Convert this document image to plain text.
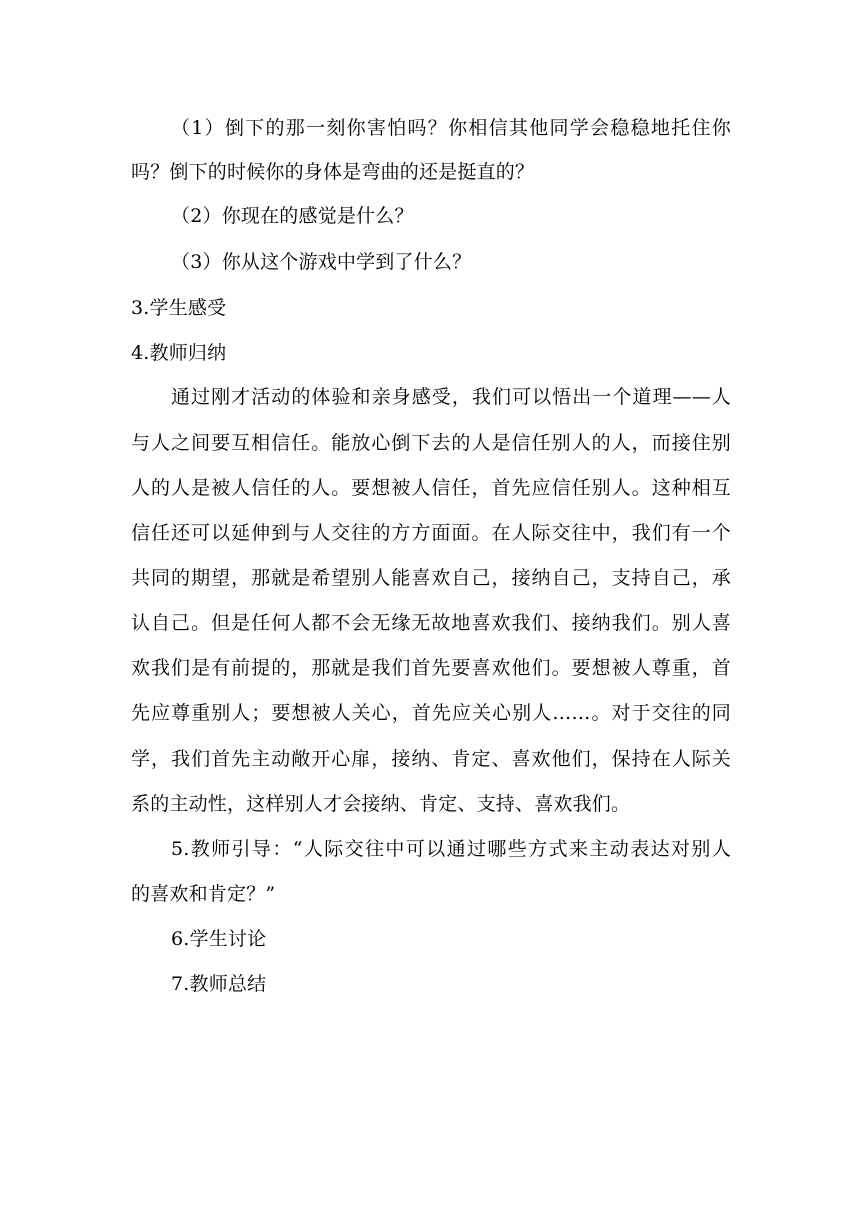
（1）倒下的那一刻你害怕吗？你相信其他同学会稳稳地托住你
吗？倒下的时候你的身体是弯曲的还是挺直的？
（2）你现在的感觉是什么？
（3）你从这个游戏中学到了什么？
3.学生感受
4.教师归纳
通过刚才活动的体验和亲身感受，我们可以悟出一个道理——人
与人之间要互相信任。能放心倒下去的人是信任别人的人，而接住别
人的人是被人信任的人。要想被人信任，首先应信任别人。这种相互
信任还可以延伸到与人交往的方方面面。在人际交往中，我们有一个
共同的期望，那就是希望别人能喜欢自己，接纳自己，支持自己，承
认自己。但是任何人都不会无缘无故地喜欢我们、接纳我们。别人喜
欢我们是有前提的，那就是我们首先要喜欢他们。要想被人尊重，首
先应尊重别人；要想被人关心，首先应关心别人……。对于交往的同
学，我们首先主动敞开心扉，接纳、肯定、喜欢他们，保持在人际关
系的主动性，这样别人才会接纳、肯定、支持、喜欢我们。
5.教师引导：“人际交往中可以通过哪些方式来主动表达对别人
的喜欢和肯定？”
6.学生讨论
7.教师总结
